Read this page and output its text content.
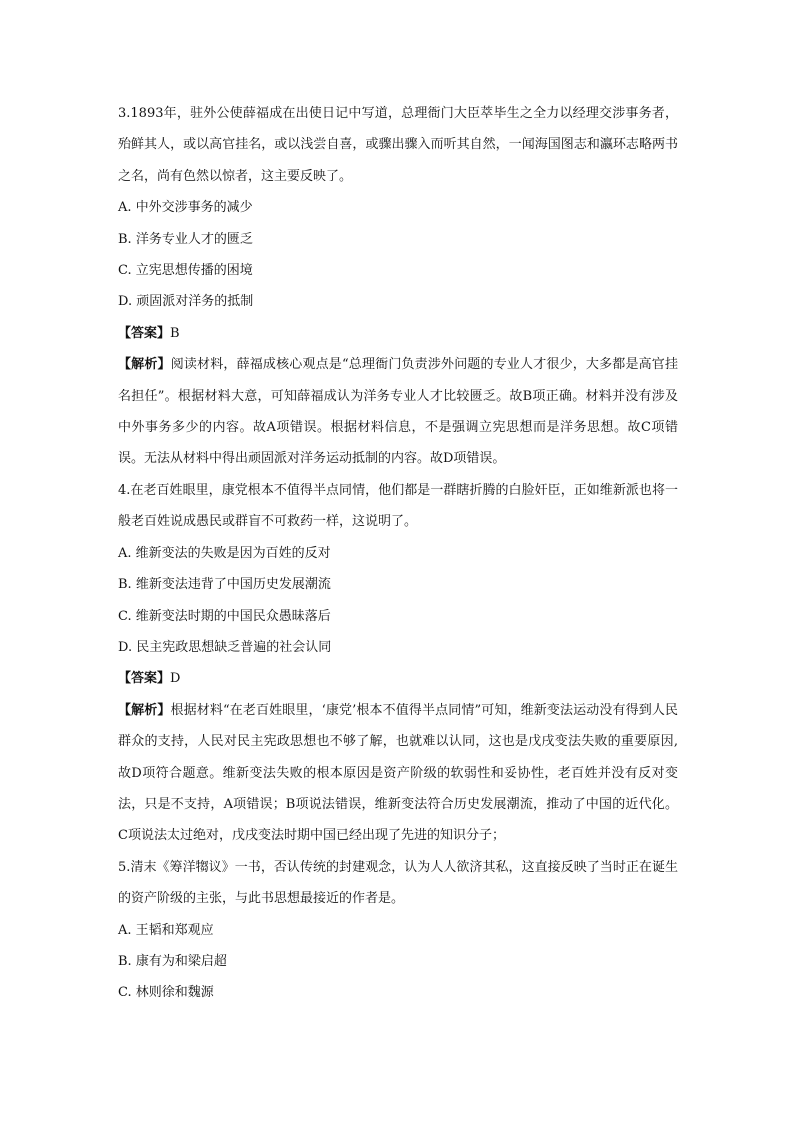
3.1893年，驻外公使薛福成在出使日记中写道，总理衙门大臣萃毕生之全力以经理交涉事务者，殆鲜其人，或以高官挂名，或以浅尝自喜，或骤出骤入而听其自然，一闻海国图志和瀛环志略两书之名，尚有色然以惊者，这主要反映了。

A. 中外交涉事务的减少

B. 洋务专业人才的匮乏

C. 立宪思想传播的困境

D. 顽固派对洋务的抵制

【答案】B

【解析】阅读材料，薛福成核心观点是“总理衙门负责涉外问题的专业人才很少，大多都是高官挂名担任”。根据材料大意，可知薛福成认为洋务专业人才比较匮乏。故B项正确。材料并没有涉及中外事务多少的内容。故A项错误。根据材料信息，不是强调立宪思想而是洋务思想。故C项错误。无法从材料中得出顽固派对洋务运动抵制的内容。故D项错误。

4.在老百姓眼里，康党根本不值得半点同情，他们都是一群瞎折腾的白脸奸臣，正如维新派也将一般老百姓说成愚民或群盲不可救药一样，这说明了。

A. 维新变法的失败是因为百姓的反对

B. 维新变法违背了中国历史发展潮流

C. 维新变法时期的中国民众愚昧落后

D. 民主宪政思想缺乏普遍的社会认同

【答案】D

【解析】根据材料“在老百姓眼里，‘康党’根本不值得半点同情”可知，维新变法运动没有得到人民群众的支持，人民对民主宪政思想也不够了解，也就难以认同，这也是戊戌变法失败的重要原因,故D项符合题意。维新变法失败的根本原因是资产阶级的软弱性和妥协性，老百姓并没有反对变法，只是不支持，A项错误；B项说法错误，维新变法符合历史发展潮流，推动了中国的近代化。C项说法太过绝对，戊戌变法时期中国已经出现了先进的知识分子；

5.清末《筹洋犓议》一书，否认传统的封建观念，认为人人欲济其私，这直接反映了当时正在诞生的资产阶级的主张，与此书思想最接近的作者是。

A. 王韬和郑观应

B. 康有为和梁启超

C. 林则徐和魏源
